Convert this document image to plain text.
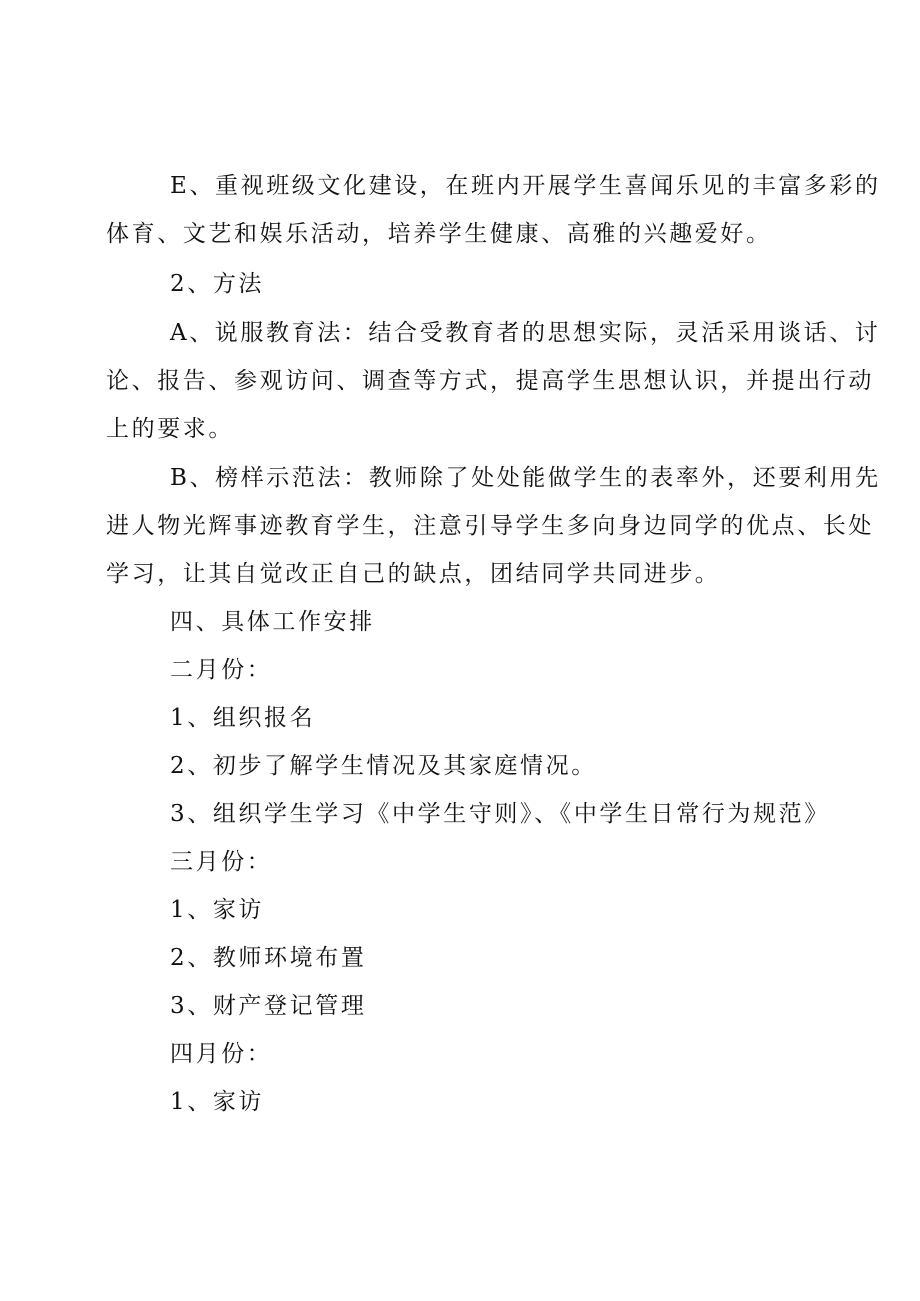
E、重视班级文化建设，在班内开展学生喜闻乐见的丰富多彩的
体育、文艺和娱乐活动，培养学生健康、高雅的兴趣爱好。
2、方法
A、说服教育法：结合受教育者的思想实际，灵活采用谈话、讨
论、报告、参观访问、调查等方式，提高学生思想认识，并提出行动
上的要求。
B、榜样示范法：教师除了处处能做学生的表率外，还要利用先
进人物光辉事迹教育学生，注意引导学生多向身边同学的优点、长处
学习，让其自觉改正自己的缺点，团结同学共同进步。
四、具体工作安排
二月份：
1、组织报名
2、初步了解学生情况及其家庭情况。
3、组织学生学习《中学生守则》、《中学生日常行为规范》
三月份：
1、家访
2、教师环境布置
3、财产登记管理
四月份：
1、家访
